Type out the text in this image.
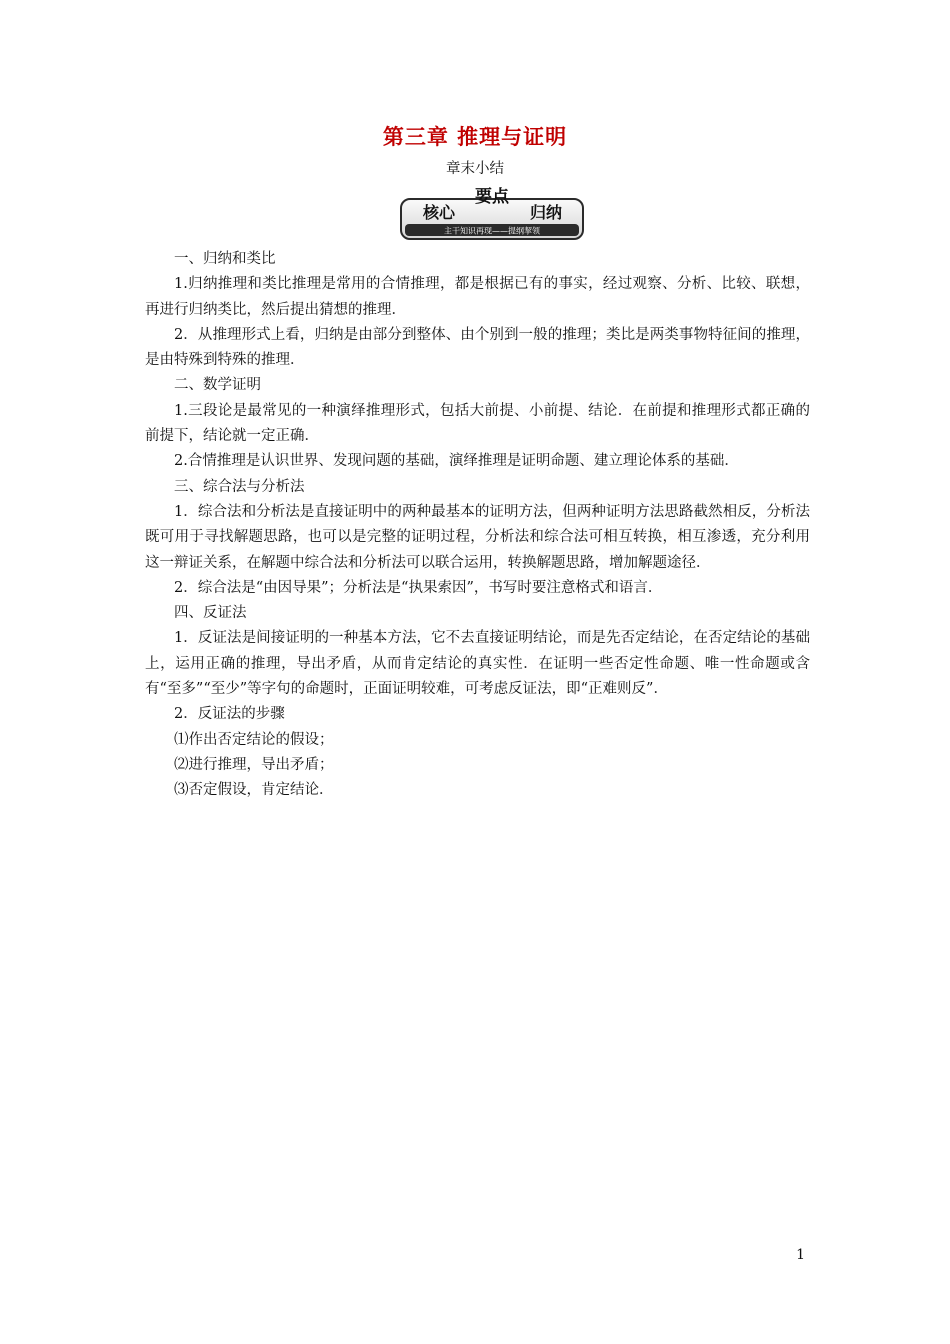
第三章 推理与证明
章末小结
核心
要点
归纳
主干知识再现——提纲挈领

一、归纳和类比

1.归纳推理和类比推理是常用的合情推理，都是根据已有的事实，经过观察、分析、比较、联想，再进行归纳类比，然后提出猜想的推理．

2．从推理形式上看，归纳是由部分到整体、由个别到一般的推理；类比是两类事物特征间的推理，是由特殊到特殊的推理．

二、数学证明

1.三段论是最常见的一种演绎推理形式，包括大前提、小前提、结论．在前提和推理形式都正确的前提下，结论就一定正确．

2.合情推理是认识世界、发现问题的基础，演绎推理是证明命题、建立理论体系的基础．

三、综合法与分析法

1．综合法和分析法是直接证明中的两种最基本的证明方法，但两种证明方法思路截然相反，分析法既可用于寻找解题思路，也可以是完整的证明过程，分析法和综合法可相互转换，相互渗透，充分利用这一辩证关系，在解题中综合法和分析法可以联合运用，转换解题思路，增加解题途径．

2．综合法是“由因导果”；分析法是“执果索因”，书写时要注意格式和语言．

四、反证法

1．反证法是间接证明的一种基本方法，它不去直接证明结论，而是先否定结论，在否定结论的基础上，运用正确的推理，导出矛盾，从而肯定结论的真实性．在证明一些否定性命题、唯一性命题或含有“至多”“至少”等字句的命题时，正面证明较难，可考虑反证法，即“正难则反”．

2．反证法的步骤

⑴作出否定结论的假设；

⑵进行推理，导出矛盾；

⑶否定假设，肯定结论．

1
